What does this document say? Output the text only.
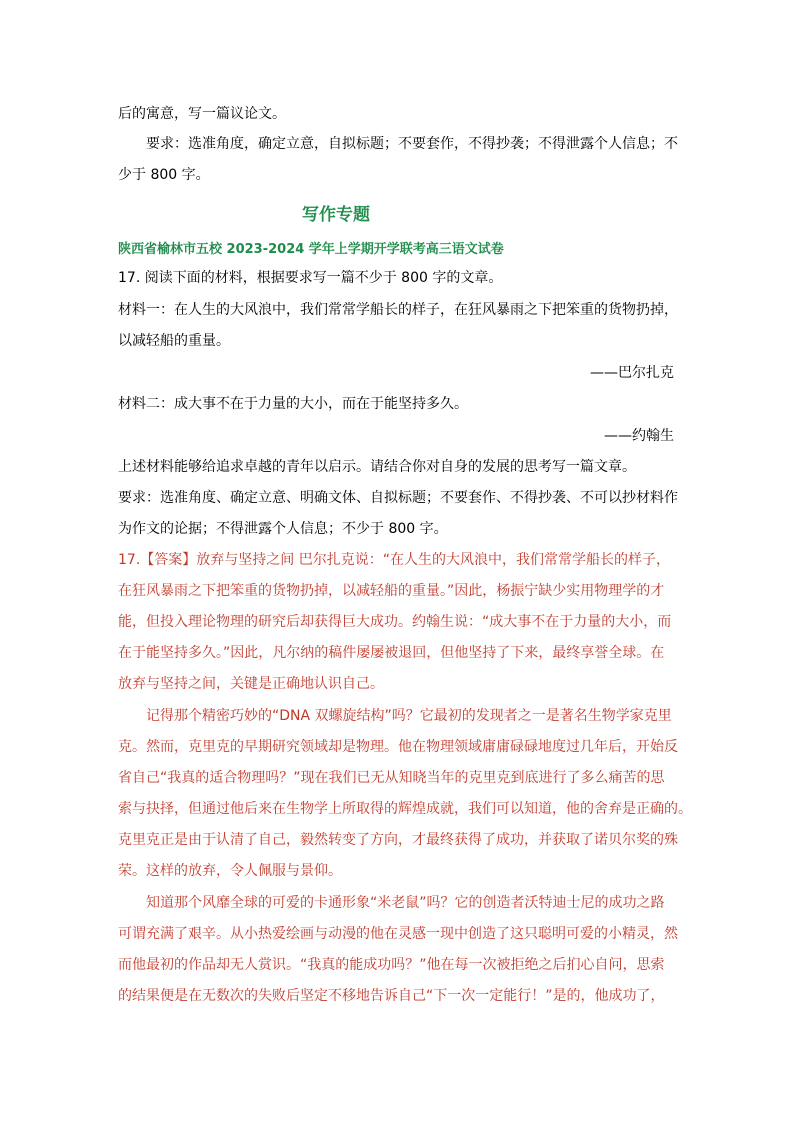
后的寓意，写一篇议论文。
要求：选准角度，确定立意，自拟标题；不要套作，不得抄袭；不得泄露个人信息；不
少于 800 字。
写作专题
陕西省榆林市五校 2023-2024 学年上学期开学联考高三语文试卷
17. 阅读下面的材料，根据要求写一篇不少于 800 字的文章。
材料一：在人生的大风浪中，我们常常学船长的样子，在狂风暴雨之下把笨重的货物扔掉，
以减轻船的重量。
——巴尔扎克
材料二：成大事不在于力量的大小，而在于能坚持多久。
——约翰生
上述材料能够给追求卓越的青年以启示。请结合你对自身的发展的思考写一篇文章。
要求：选准角度、确定立意、明确文体、自拟标题；不要套作、不得抄袭、不可以抄材料作
为作文的论据；不得泄露个人信息；不少于 800 字。
17.【答案】放弃与坚持之间 巴尔扎克说：“在人生的大风浪中，我们常常学船长的样子，
在狂风暴雨之下把笨重的货物扔掉，以减轻船的重量。”因此，杨振宁缺少实用物理学的才
能，但投入理论物理的研究后却获得巨大成功。约翰生说：“成大事不在于力量的大小，而
在于能坚持多久。”因此，凡尔纳的稿件屡屡被退回，但他坚持了下来，最终享誉全球。在
放弃与坚持之间，关键是正确地认识自己。
记得那个精密巧妙的“DNA 双螺旋结构”吗？它最初的发现者之一是著名生物学家克里
克。然而，克里克的早期研究领域却是物理。他在物理领域庸庸碌碌地度过几年后，开始反
省自己“我真的适合物理吗？”现在我们已无从知晓当年的克里克到底进行了多么痛苦的思
索与抉择，但通过他后来在生物学上所取得的辉煌成就，我们可以知道，他的舍弃是正确的。
克里克正是由于认清了自己，毅然转变了方向，才最终获得了成功，并获取了诺贝尔奖的殊
荣。这样的放弃，令人佩服与景仰。
知道那个风靡全球的可爱的卡通形象“米老鼠”吗？它的创造者沃特迪士尼的成功之路
可谓充满了艰辛。从小热爱绘画与动漫的他在灵感一现中创造了这只聪明可爱的小精灵，然
而他最初的作品却无人赏识。“我真的能成功吗？”他在每一次被拒绝之后扪心自问，思索
的结果便是在无数次的失败后坚定不移地告诉自己“下一次一定能行！”是的，他成功了，
